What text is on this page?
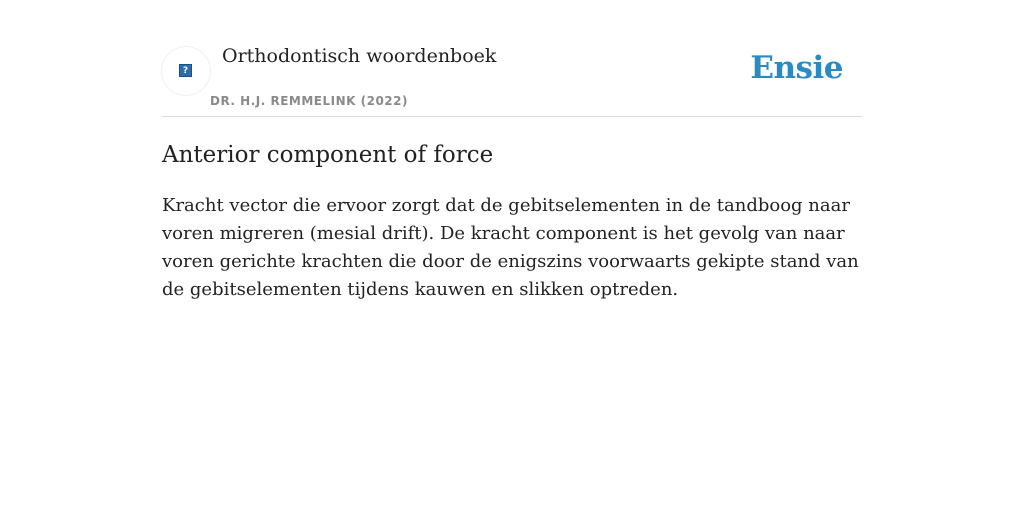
?
Orthodontisch woordenboek
DR. H.J. REMMELINK (2022)
Ensie
Anterior component of force

Kracht vector die ervoor zorgt dat de gebitselementen in de tandboog naar voren migreren (mesial drift). De kracht component is het gevolg van naar voren gerichte krachten die door de enigszins voorwaarts gekipte stand van de gebitselementen tijdens kauwen en slikken optreden.
